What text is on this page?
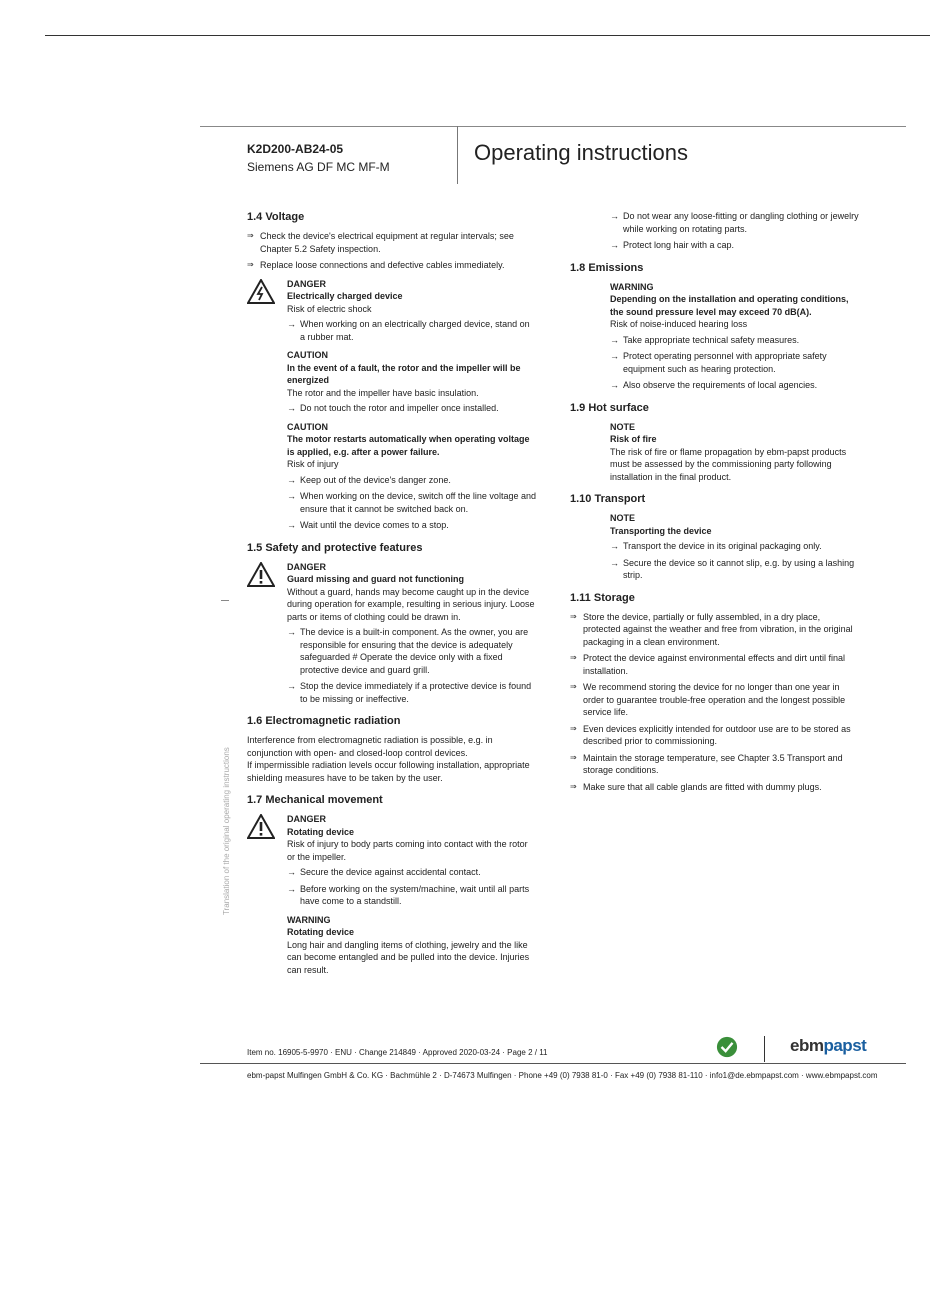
K2D200-AB24-05
Siemens AG DF MC MF-M
Operating instructions
Translation of the original operating instructions
1.4 Voltage
⇒ Check the device's electrical equipment at regular intervals; see Chapter 5.2 Safety inspection.
⇒ Replace loose connections and defective cables immediately.
DANGER
Electrically charged device
Risk of electric shock
→ When working on an electrically charged device, stand on a rubber mat.
CAUTION
In the event of a fault, the rotor and the impeller will be energized
The rotor and the impeller have basic insulation.
→ Do not touch the rotor and impeller once installed.
CAUTION
The motor restarts automatically when operating voltage is applied, e.g. after a power failure.
Risk of injury
→ Keep out of the device's danger zone.
→ When working on the device, switch off the line voltage and ensure that it cannot be switched back on.
→ Wait until the device comes to a stop.
1.5 Safety and protective features
DANGER
Guard missing and guard not functioning
Without a guard, hands may become caught up in the device during operation for example, resulting in serious injury. Loose parts or items of clothing could be drawn in.
→ The device is a built-in component. As the owner, you are responsible for ensuring that the device is adequately safeguarded # Operate the device only with a fixed protective device and guard grill.
→ Stop the device immediately if a protective device is found to be missing or ineffective.
1.6 Electromagnetic radiation
Interference from electromagnetic radiation is possible, e.g. in conjunction with open- and closed-loop control devices.
If impermissible radiation levels occur following installation, appropriate shielding measures have to be taken by the user.
1.7 Mechanical movement
DANGER
Rotating device
Risk of injury to body parts coming into contact with the rotor or the impeller.
→ Secure the device against accidental contact.
→ Before working on the system/machine, wait until all parts have come to a standstill.
WARNING
Rotating device
Long hair and dangling items of clothing, jewelry and the like can become entangled and be pulled into the device. Injuries can result.
→ Do not wear any loose-fitting or dangling clothing or jewelry while working on rotating parts.
→ Protect long hair with a cap.
1.8 Emissions
WARNING
Depending on the installation and operating conditions, the sound pressure level may exceed 70 dB(A).
Risk of noise-induced hearing loss
→ Take appropriate technical safety measures.
→ Protect operating personnel with appropriate safety equipment such as hearing protection.
→ Also observe the requirements of local agencies.
1.9 Hot surface
NOTE
Risk of fire
The risk of fire or flame propagation by ebm-papst products must be assessed by the commissioning party following installation in the final product.
1.10 Transport
NOTE
Transporting the device
→ Transport the device in its original packaging only.
→ Secure the device so it cannot slip, e.g. by using a lashing strip.
1.11 Storage
⇒ Store the device, partially or fully assembled, in a dry place, protected against the weather and free from vibration, in the original packaging in a clean environment.
⇒ Protect the device against environmental effects and dirt until final installation.
⇒ We recommend storing the device for no longer than one year in order to guarantee trouble-free operation and the longest possible service life.
⇒ Even devices explicitly intended for outdoor use are to be stored as described prior to commissioning.
⇒ Maintain the storage temperature, see Chapter 3.5 Transport and storage conditions.
⇒ Make sure that all cable glands are fitted with dummy plugs.
Item no. 16905-5-9970 · ENU · Change 214849 · Approved 2020-03-24 · Page 2 / 11	ebmpapst
ebm-papst Mulfingen GmbH & Co. KG · Bachmühle 2 · D-74673 Mulfingen · Phone +49 (0) 7938 81-0 · Fax +49 (0) 7938 81-110 · info1@de.ebmpapst.com · www.ebmpapst.com
